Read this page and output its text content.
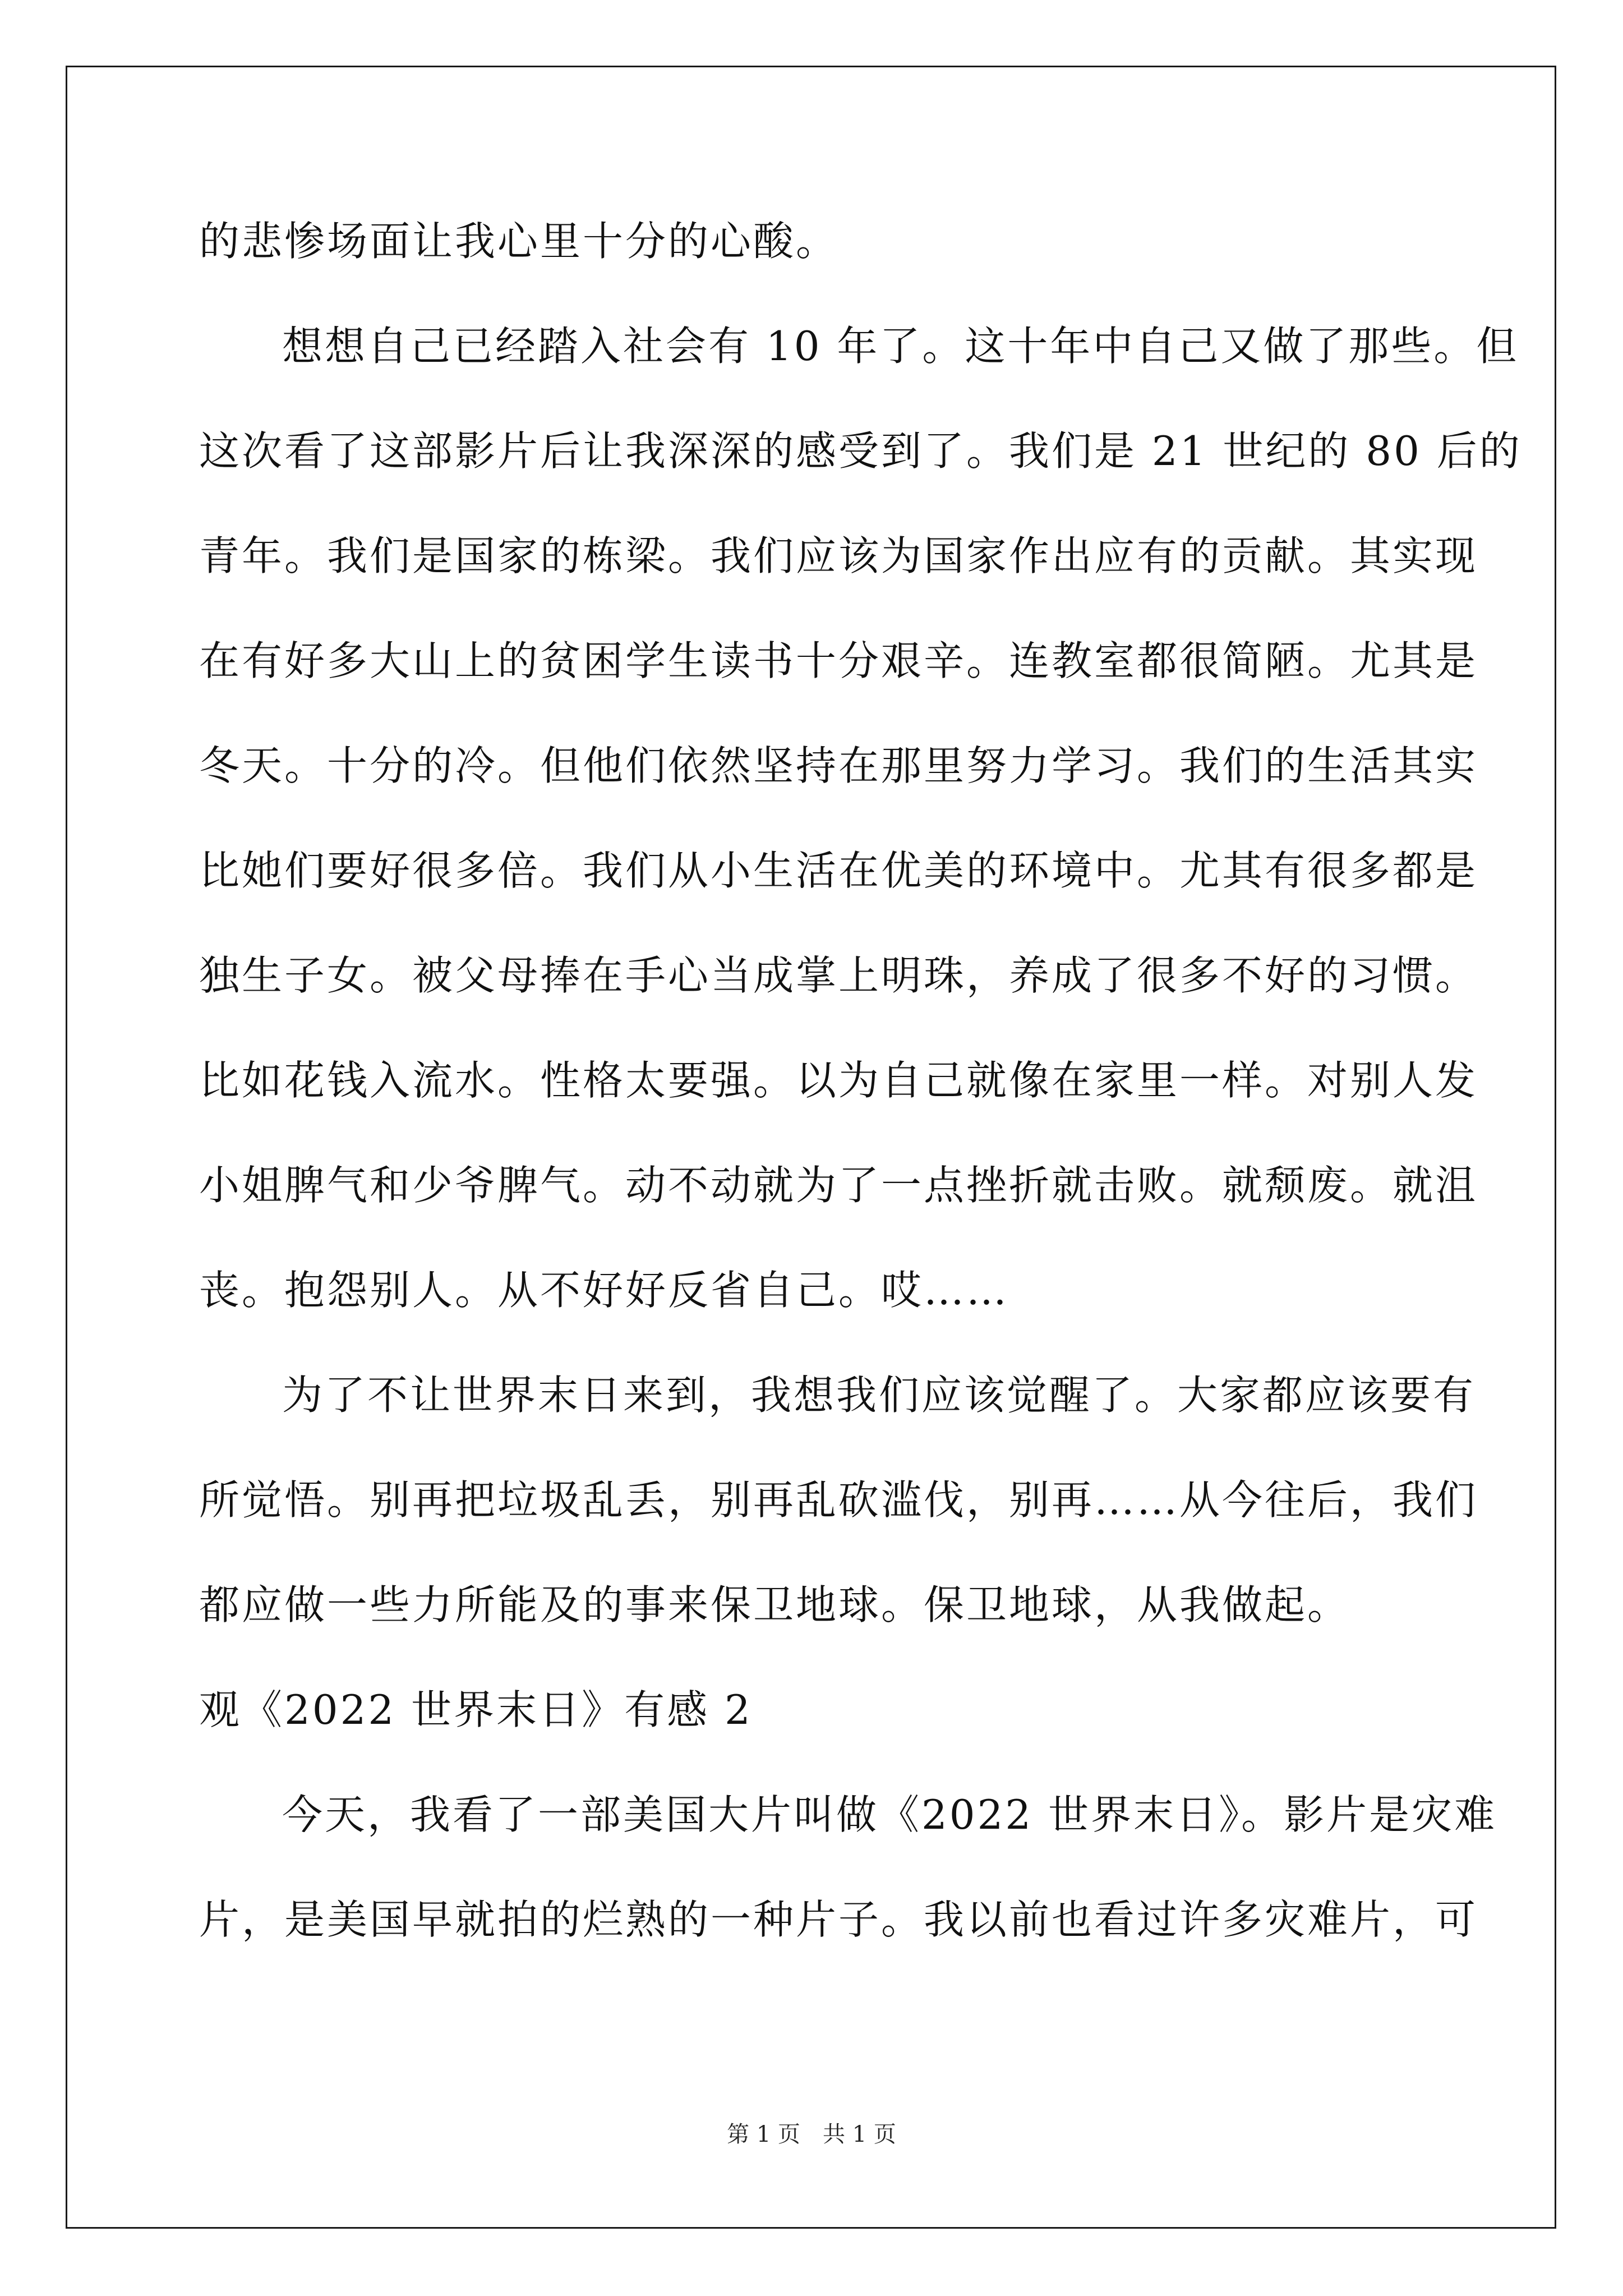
的悲惨场面让我心里十分的心酸。
想想自己已经踏入社会有 10 年了。这十年中自己又做了那些。但
这次看了这部影片后让我深深的感受到了。我们是 21 世纪的 80 后的
青年。我们是国家的栋梁。我们应该为国家作出应有的贡献。其实现
在有好多大山上的贫困学生读书十分艰辛。连教室都很简陋。尤其是
冬天。十分的冷。但他们依然坚持在那里努力学习。我们的生活其实
比她们要好很多倍。我们从小生活在优美的环境中。尤其有很多都是
独生子女。被父母捧在手心当成掌上明珠，养成了很多不好的习惯。
比如花钱入流水。性格太要强。以为自己就像在家里一样。对别人发
小姐脾气和少爷脾气。动不动就为了一点挫折就击败。就颓废。就沮
丧。抱怨别人。从不好好反省自己。哎……
为了不让世界末日来到，我想我们应该觉醒了。大家都应该要有
所觉悟。别再把垃圾乱丢，别再乱砍滥伐，别再……从今往后，我们
都应做一些力所能及的事来保卫地球。保卫地球，从我做起。
观《2022 世界末日》有感 2
今天，我看了一部美国大片叫做《2022 世界末日》。影片是灾难
片，是美国早就拍的烂熟的一种片子。我以前也看过许多灾难片，可
第 1 页　共 1 页
